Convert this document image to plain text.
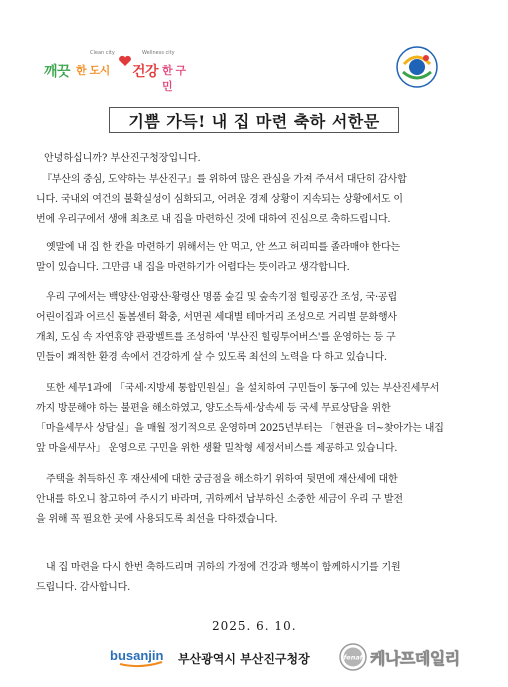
Clean city	Wellness city
깨끗 한 도시 건강 한 구민
기쁨 가득! 내 집 마련 축하 서한문
안녕하십니까? 부산진구청장입니다.
『부산의 중심, 도약하는 부산진구』를 위하여 많은 관심을 가져 주셔서 대단히 감사합
니다. 국내외 여건의 불확실성이 심화되고, 어려운 경제 상황이 지속되는 상황에서도 이
번에 우리구에서 생애 최초로 내 집을 마련하신 것에 대하여 진심으로 축하드립니다.
옛말에 내 집 한 칸을 마련하기 위해서는 안 먹고, 안 쓰고 허리띠를 졸라매야 한다는
말이 있습니다. 그만큼 내 집을 마련하기가 어렵다는 뜻이라고 생각합니다.
우리 구에서는 백양산·엄광산·황령산 명품 숲길 및 숲속기점 힐링공간 조성, 국·공립
어린이집과 어르신 돌봄센터 확충, 서면권 세대별 테마거리 조성으로 거리별 문화행사
개최, 도심 속 자연휴양 관광벨트를 조성하여 '부산진 힐링투어버스'를 운영하는 등 구
민들이 쾌적한 환경 속에서 건강하게 살 수 있도록 최선의 노력을 다 하고 있습니다.
또한 세무1과에 「국세·지방세 통합민원실」을 설치하여 구민들이 동구에 있는 부산진세무서
까지 방문해야 하는 불편을 해소하였고, 양도소득세·상속세 등 국세 무료상담을 위한
「마을세무사 상담실」을 매월 정기적으로 운영하며 2025년부터는 「현관을 더~찾아가는 내집
앞 마을세무사」 운영으로 구민을 위한 생활 밀착형 세정서비스를 제공하고 있습니다.
주택을 취득하신 후 재산세에 대한 궁금점을 해소하기 위하여 뒷면에 재산세에 대한
안내를 하오니 참고하여 주시기 바라며, 귀하께서 납부하신 소중한 세금이 우리 구 발전
을 위해 꼭 필요한 곳에 사용되도록 최선을 다하겠습니다.
내 집 마련을 다시 한번 축하드리며 귀하의 가정에 건강과 행복이 함께하시기를 기원
드립니다. 감사합니다.
2025. 6. 10.
busanjin 부산광역시 부산진구청장	fenaf 케나프데일리
